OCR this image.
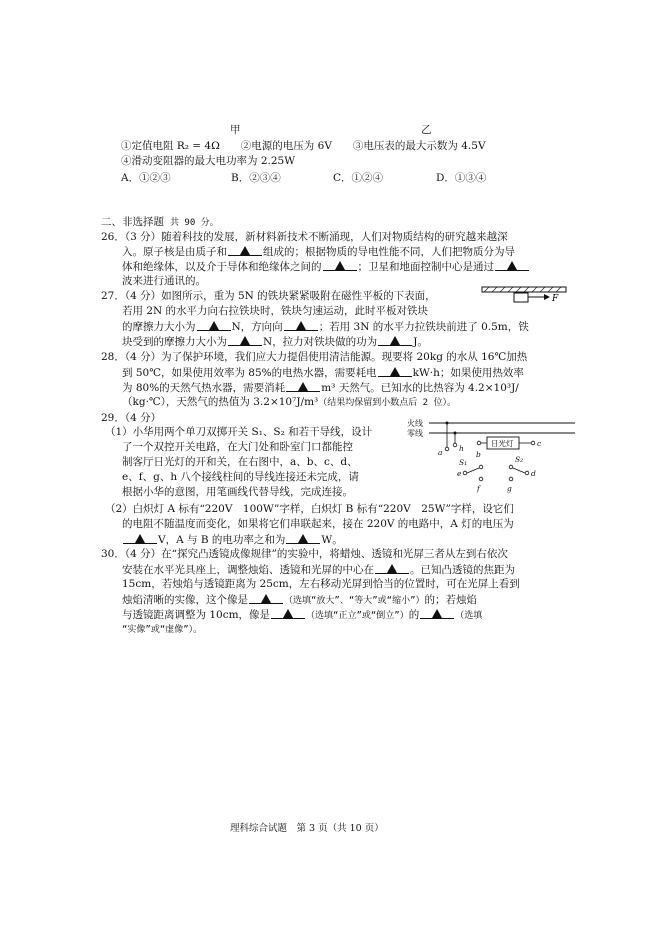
甲	乙
①定值电阻 R₂ = 4Ω　　②电源的电压为 6V　　③电压表的最大示数为 4.5V
④滑动变阻器的最大电功率为 2.25W
A．①②③	B．②③④	C．①②④	D．①③④
二、非选择题 共 90 分。
26．（3 分）随着科技的发展，新材料新技术不断涌现，人们对物质结构的研究越来越深
入。原子核是由质子和	组成的；根据物质的导电性能不同，人们把物质分为导
体和绝缘体，以及介于导体和绝缘体之间的	；卫星和地面控制中心是通过
波来进行通讯的。
27．（4 分）如图所示，重为 5N 的铁块紧紧吸附在磁性平板的下表面，
若用 2N 的水平力向右拉铁块时，铁块匀速运动，此时平板对铁块
的摩擦力大小为	N，方向向	；若用 3N 的水平力拉铁块前进了 0.5m，铁
块受到的摩擦力大小为	N，拉力对铁块做的功为	J。
F
28．（4 分）为了保护环境，我们应大力提倡使用清洁能源。现要将 20kg 的水从 16℃加热
到 50℃，如果使用效率为 85%的电热水器，需要耗电	kW·h；如果使用热效率
为 80%的天然气热水器，需要消耗	m³ 天然气。已知水的比热容为 4.2×10³J/
（kg·℃），天然气的热值为 3.2×10⁷J/m³（结果均保留到小数点后 2 位）。
29．（4 分）
（1）小华用两个单刀双掷开关 S₁、S₂ 和若干导线，设计
了一个双控开关电路，在大门处和卧室门口都能控
制客厅日光灯的开和关，在右图中，a、b、c、d、
e、f、g、h 八个接线柱间的导线连接还未完成，请
根据小华的意图，用笔画线代替导线，完成连接。
（2）白炽灯 A 标有“220V　100W”字样，白炽灯 B 标有“220V　25W”字样，设它们
的电阻不随温度而变化，如果将它们串联起来，接在 220V 的电路中，A 灯的电压为
V，A 与 B 的电功率之和为	W。
火线
零线
日光灯
a	b
c
d
e
f	g
h
S₁	S₂
30．（4 分）在“探究凸透镜成像规律”的实验中，将蜡烛、透镜和光屏三者从左到右依次
安装在水平光具座上，调整烛焰、透镜和光屏的中心在	。已知凸透镜的焦距为
15cm，若烛焰与透镜距离为 25cm，左右移动光屏到恰当的位置时，可在光屏上看到
烛焰清晰的实像，这个像是	（选填“放大”、“等大”或“缩小”）的；若烛焰
与透镜距离调整为 10cm，像是	（选填“正立”或“倒立”）的	（选填
“实像”或“虚像”）。
理科综合试题　第 3 页（共 10 页）
